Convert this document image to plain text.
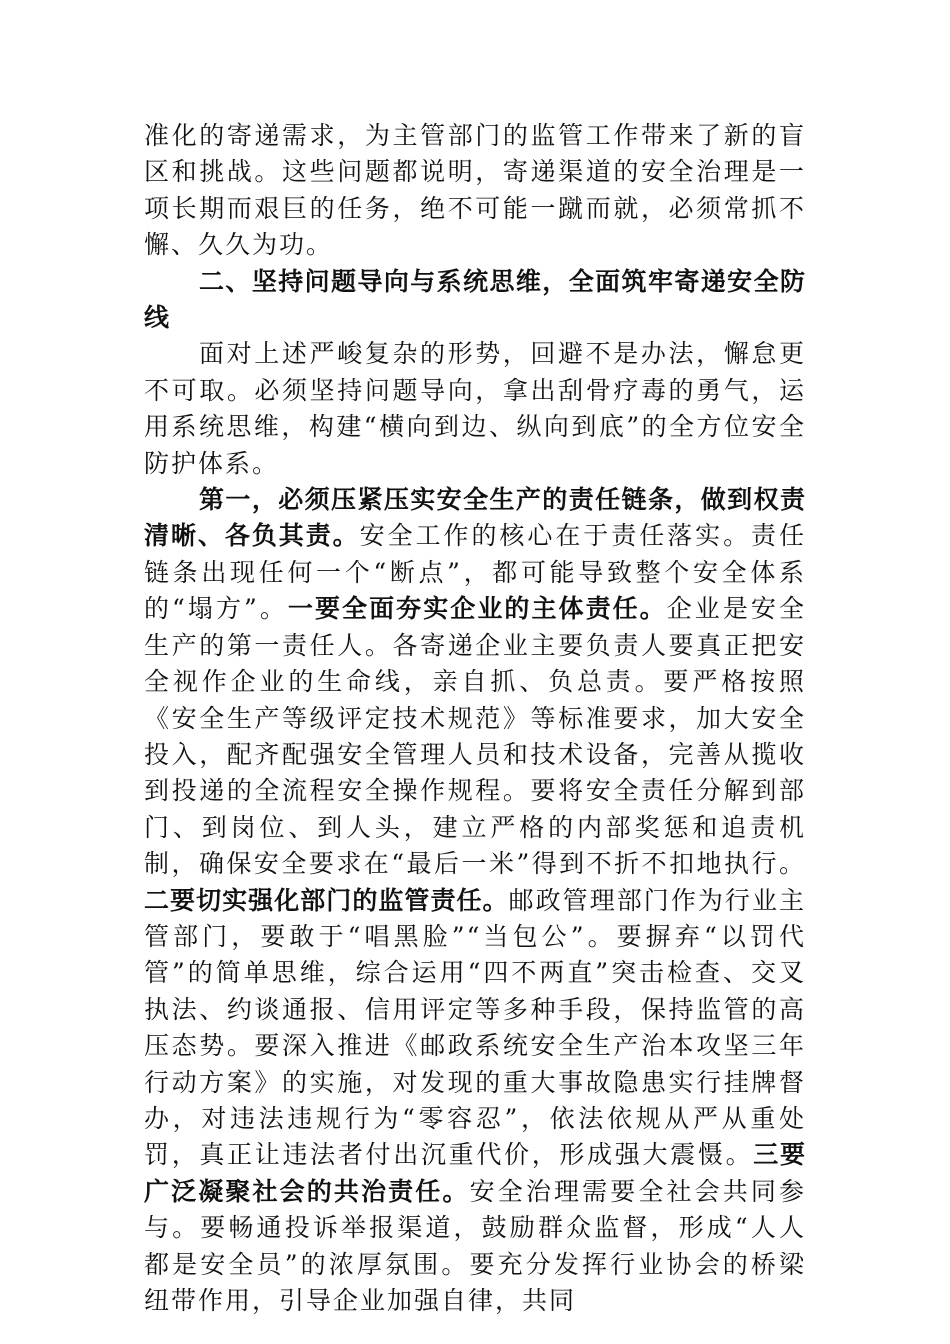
准化的寄递需求，为主管部门的监管工作带来了新的盲区和挑战。这些问题都说明，寄递渠道的安全治理是一项长期而艰巨的任务，绝不可能一蹴而就，必须常抓不懈、久久为功。

二、坚持问题导向与系统思维，全面筑牢寄递安全防线

面对上述严峻复杂的形势，回避不是办法，懈怠更不可取。必须坚持问题导向，拿出刮骨疗毒的勇气，运用系统思维，构建“横向到边、纵向到底”的全方位安全防护体系。

第一，必须压紧压实安全生产的责任链条，做到权责清晰、各负其责。安全工作的核心在于责任落实。责任链条出现任何一个“断点”，都可能导致整个安全体系的“塌方”。一要全面夯实企业的主体责任。企业是安全生产的第一责任人。各寄递企业主要负责人要真正把安全视作企业的生命线，亲自抓、负总责。要严格按照《安全生产等级评定技术规范》等标准要求，加大安全投入，配齐配强安全管理人员和技术设备，完善从揽收到投递的全流程安全操作规程。要将安全责任分解到部门、到岗位、到人头，建立严格的内部奖惩和追责机制，确保安全要求在“最后一米”得到不折不扣地执行。二要切实强化部门的监管责任。邮政管理部门作为行业主管部门，要敢于“唱黑脸”“当包公”。要摒弃“以罚代管”的简单思维，综合运用“四不两直”突击检查、交叉执法、约谈通报、信用评定等多种手段，保持监管的高压态势。要深入推进《邮政系统安全生产治本攻坚三年行动方案》的实施，对发现的重大事故隐患实行挂牌督办，对违法违规行为“零容忍”，依法依规从严从重处罚，真正让违法者付出沉重代价，形成强大震慑。三要广泛凝聚社会的共治责任。安全治理需要全社会共同参与。要畅通投诉举报渠道，鼓励群众监督，形成“人人都是安全员”的浓厚氛围。要充分发挥行业协会的桥梁纽带作用，引导企业加强自律，共同
